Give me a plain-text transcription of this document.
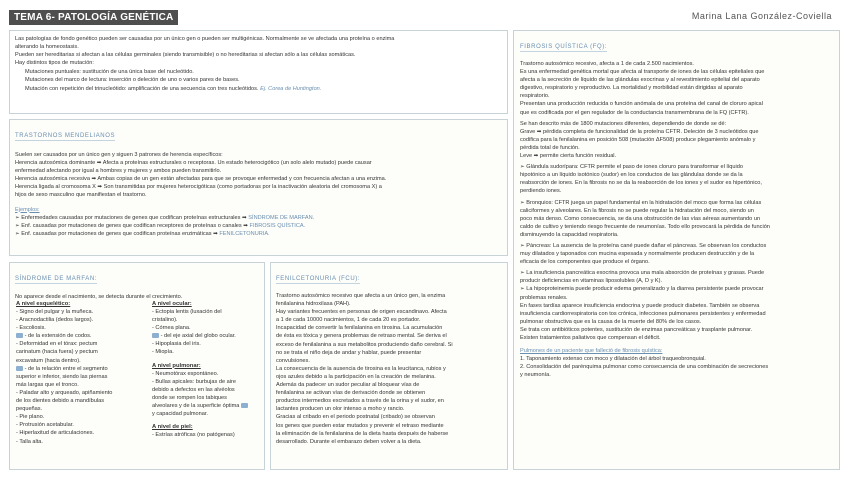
TEMA 6- PATOLOGÍA GENÉTICA	Marina Lana González-Coviella

Las patologías de fondo genético pueden ser causadas por un único gen o pueden ser multigénicas. Normalmente se ve afectada una proteína o enzima

alterando la homeostasis.

Pueden ser hereditarias si afectan a las células germinales (siendo transmisible) o no hereditarias si afectan sólo a las células somáticas.

Hay distintos tipos de mutación:

Mutaciones puntuales: sustitución de una única base del nucleótido.

Mutaciones del marco de lectura: inserción o deleción de uno o varios pares de bases.

Mutación con repetición del trinucleótido: amplificación de una secuencia con tres nucleótidos. Ej. Corea de Huntington.

TRASTORNOS MENDELIANOS

Suelen ser causados por un único gen y siguen 3 patrones de herencia específicos:

Herencia autosómica dominante ➡ Afecta a proteínas estructurales o receptoras. Un estado heterocigótico (un solo alelo mutado) puede causar

enfermedad afectando por igual a hombres y mujeres y ambos pueden transmitirlo.

Herencia autosómica recesiva ➡ Ambas copias de un gen están afectadas para que se provoque enfermedad y con frecuencia afectan a una enzima.

Herencia ligada al cromosoma X ➡ Son transmitidas por mujeres heterocigóticas (como portadoras por la inactivación aleatoria del cromosoma X) a

hijos de sexo masculino que manifiestan el trastorno.

Ejemplos:

➢ Enfermedades causadas por mutaciones de genes que codifican proteínas estructurales ➡ SÍNDROME DE MARFAN.

➢ Enf. causadas por mutaciones de genes que codifican receptores de proteínas o canales ➡ FIBROSIS QUÍSTICA.

➢ Enf. causadas por mutaciones de genes que codifican proteínas enzimáticas ➡ FENILCETONURIA.

SÍNDROME DE MARFAN:

No aparece desde el nacimiento, se detecta durante el crecimiento.

A nivel esquelético:

- Signo del pulgar y la muñeca.

- Aracnodactilia (dedos largos).

- Escoliosis.

- de la extensión de codos.

- Deformidad en el tórax: pectum

carinatum (hacia fuera) y pectum

excavatum (hacia dentro).

- de la relación entre el segmento

superior e inferior, siendo las piernas

más largas que el tronco.

- Paladar alto y arqueado, apiñamiento

de los dientes debido a mandíbulas

pequeñas.

- Pie plano.

- Protrusión acetabular.

- Hiperlaxitud de articulaciones.

- Talla alta.

A nivel ocular:

- Ectopia lentis (luxación del

cristalino).

- Córnea plana.

- del eje axial del globo ocular.

- Hipoplasia del iris.

- Miopía.

A nivel pulmonar:

- Neumotórax espontáneo.

- Bullas apicales: burbujas de aire

debido a defectos en las alvéolos

donde se rompen los tabiques

alveolares y de la superficie óptima

y capacidad pulmonar.

A nivel de piel:

- Estrías atróficas (no patógenas)

FENILCETONURIA (FCU):

Trastorno autosómico recesivo que afecta a un único gen, la enzima

fenilalanina hidroxilasa (PAH).

Hay variantes frecuentes en personas de origen escandinavo. Afecta

a 1 de cada 10000 nacimientos, 1 de cada 20 es portador.

Incapacidad de convertir la fenilalanina en tirosina. La acumulación

de ésta es tóxica y genera problemas de retraso mental. Se deriva el

exceso de fenilalanina a sus metabolitos produciendo daño cerebral. Si

no se trata el niño deja de andar y hablar, puede presentar

convulsiones.

La consecuencia de la ausencia de tirosina es la leucitanca, rubios y

ojos azules debido a la participación en la creación de melanina.

Además da padecer un sudor peculiar al bloquear vías de

fenilalanina se activan vías de derivación donde se obtienen

productos intermedios excretados a través de la orina y el sudor, en

lactantes producen un olor intenso a moho y rancio.

Gracias al cribado en el periodo postnatal (cribado) se observan

los genes que pueden estar mutados y prevenir el retraso mediante

la eliminación de la fenilalanina de la dieta hasta después de haberse

desarrollado. Durante el embarazo deben volver a la dieta.

FIBROSIS QUÍSTICA (FQ):

Trastorno autosómico recesivo, afecta a 1 de cada 2.500 nacimientos.

Es una enfermedad genética mortal que afecta al transporte de iones de las células epiteliales que

afecta a la secreción de líquido de las glándulas exocrinas y al revestimiento epitelial del aparato

digestivo, respiratorio y reproductivo. La mortalidad y morbilidad están dirigidas al aparato

respiratorio.

Presentan una producción reducida o función anómala de una proteína del canal de cloruro apical

que es codificada por el gen regulador de la conductancia transmembrana de la FQ (CFTR).

Se han descrito más de 1800 mutaciones diferentes, dependiendo de donde se dé:

Grave ➡ pérdida completa de funcionalidad de la proteína CFTR. Deleción de 3 nucleótidos que

codifica para la fenilalanina en posición 508 (mutación ΔF508) produce plegamiento anómalo y

pérdida total de función.

Leve ➡ permite cierta función residual.

➢ Glándula sudorípara: CFTR permite el paso de iones cloruro para transformar el líquido

hipotónico a un líquido isotónico (sudor) en los conductos de las glándulas donde se da la

reabsorción de iones. En la fibrosis no se da la reabsorción de los iones y el sudor es hipertónico,

perdiendo iones.

➢ Bronquios: CFTR juega un papel fundamental en la hidratación del moco que forma las células

caliciformes y alveolares. En la fibrosis no se puede regular la hidratación del moco, siendo un

poco más denso. Como consecuencia, se da una obstrucción de las vías aéreas aumentando un

caldo de cultivo y teniendo riesgo frecuente de neumonías. Todo ello provocará la pérdida de función

disminuyendo la capacidad respiratoria.

➢ Páncreas: La ausencia de la proteína cané puede dañar el páncreas. Se observan los conductos

muy dilatados y taponados con mucina espesada y normalmente producen destrucción y de la

eficacia de los componentes que produce el órgano.

➢ La insuficiencia pancreática exocrina provoca una mala absorción de proteínas y grasas. Puede

producir deficiencias en vitaminas liposolubles (A, D y K).

➢ La hipoproteinemia puede producir edema generalizado y la diarrea persistente puede provocar

problemas renales.

En fases tardías aparece insuficiencia endocrina y puede producir diabetes. También se observa

insuficiencia cardiorrespiratoria con tos crónica, infecciones pulmonares persistentes y enfermedad

pulmonar obstructiva que es la causa de la muerte del 80% de los casos.

Se trata con antibióticos potentes, sustitución de enzimas pancreáticas y trasplante pulmonar.

Existen tratamientos paliativos que compensan el déficit.

Pulmones de un paciente que falleció de fibrosis quística:

1. Taponamiento extenso con moco y dilatación del árbol traqueobronquial.

2. Consolidación del parénquima pulmonar como consecuencia de una combinación de secreciones

y neumonía.
